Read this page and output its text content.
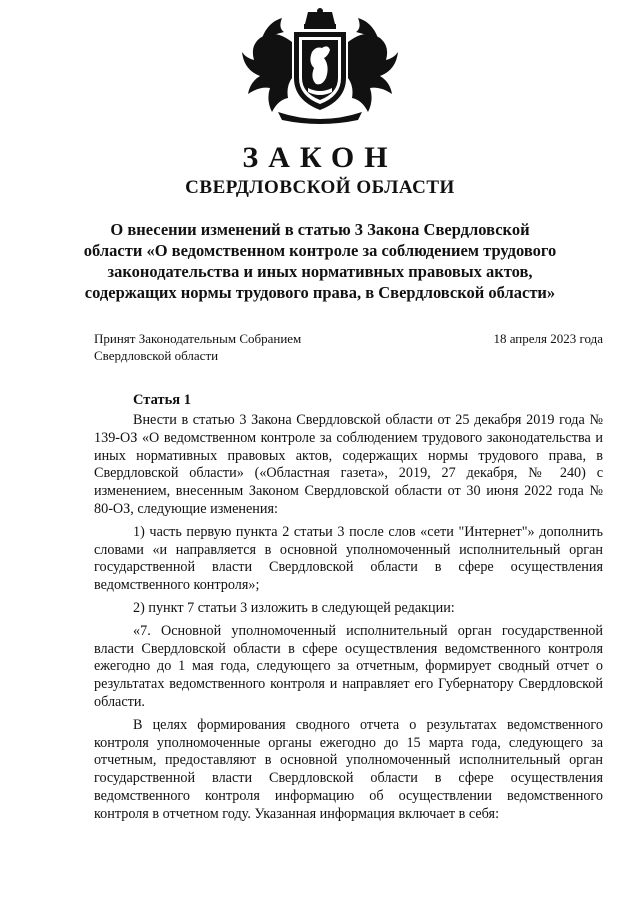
ЗАКОН
СВЕРДЛОВСКОЙ ОБЛАСТИ

О внесении изменений в статью 3 Закона Свердловской области «О ведомственном контроле за соблюдением трудового законодательства и иных нормативных правовых актов, содержащих нормы трудового права, в Свердловской области»

Принят Законодательным Собранием Свердловской области
18 апреля 2023 года
Статья 1

Внести в статью 3 Закона Свердловской области от 25 декабря 2019 года № 139-ОЗ «О ведомственном контроле за соблюдением трудового законодательства и иных нормативных правовых актов, содержащих нормы трудового права, в Свердловской области» («Областная газета», 2019, 27 декабря, № 240) с изменением, внесенным Законом Свердловской области от 30 июня 2022 года № 80-ОЗ, следующие изменения:

1) часть первую пункта 2 статьи 3 после слов «сети "Интернет"» дополнить словами «и направляется в основной уполномоченный исполнительный орган государственной власти Свердловской области в сфере осуществления ведомственного контроля»;

2) пункт 7 статьи 3 изложить в следующей редакции:

«7. Основной уполномоченный исполнительный орган государственной власти Свердловской области в сфере осуществления ведомственного контроля ежегодно до 1 мая года, следующего за отчетным, формирует сводный отчет о результатах ведомственного контроля и направляет его Губернатору Свердловской области.

В целях формирования сводного отчета о результатах ведомственного контроля уполномоченные органы ежегодно до 15 марта года, следующего за отчетным, предоставляют в основной уполномоченный исполнительный орган государственной власти Свердловской области в сфере осуществления ведомственного контроля информацию об осуществлении ведомственного контроля в отчетном году. Указанная информация включает в себя:
